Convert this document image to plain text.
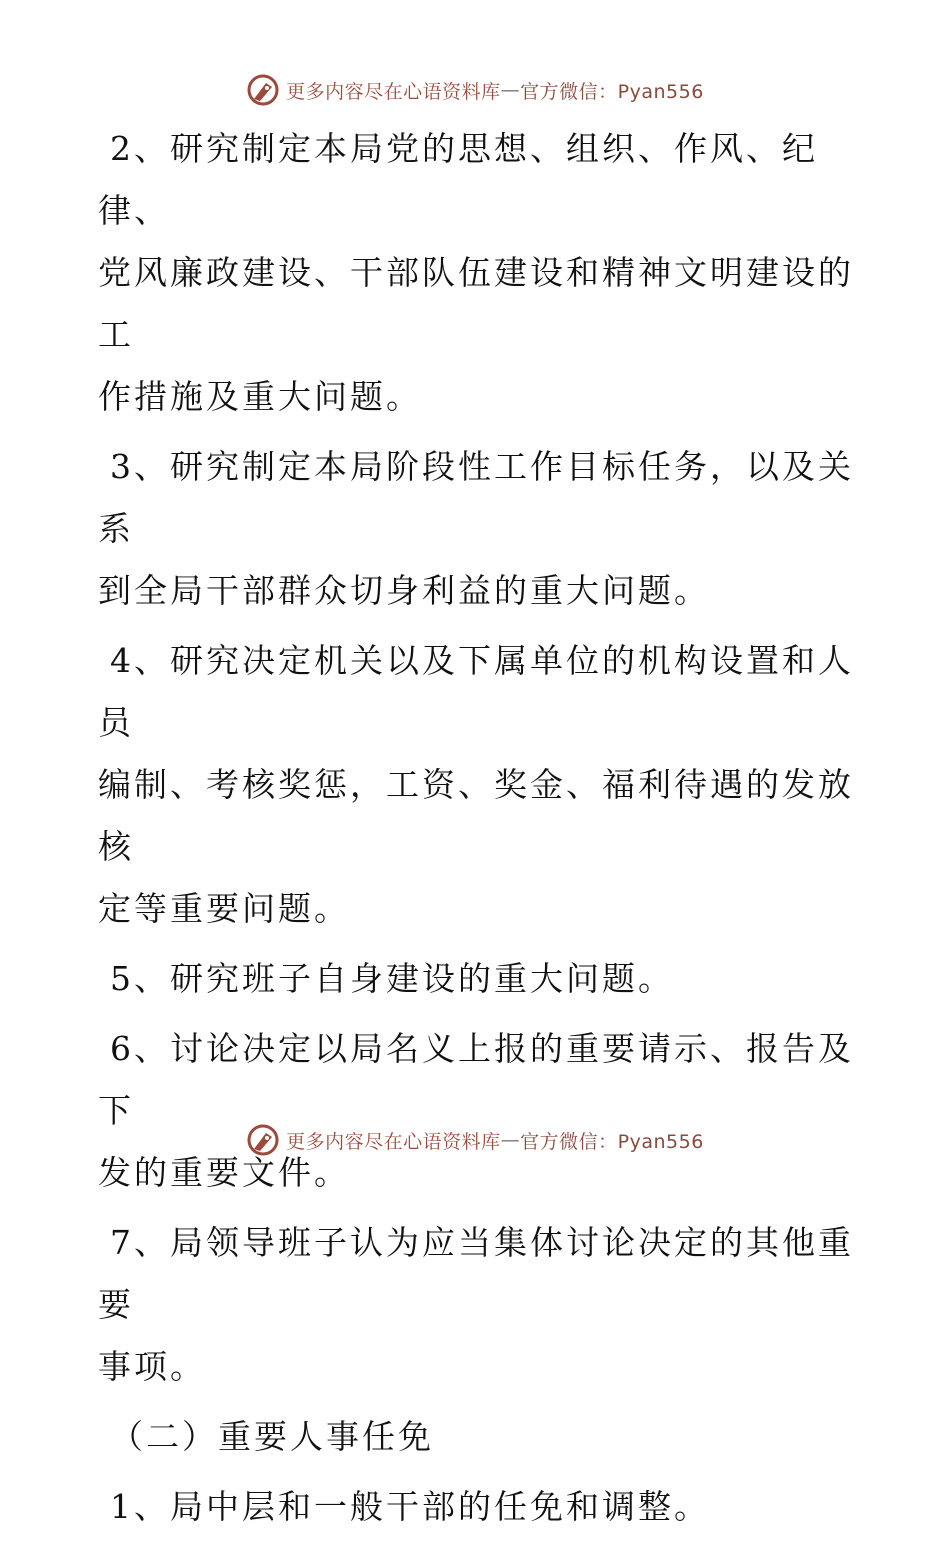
更多内容尽在心语资料库 — 官方微信：Pyan556

2、研究制定本局党的思想、组织、作风、纪律、
党风廉政建设、干部队伍建设和精神文明建设的工
作措施及重大问题。

3、研究制定本局阶段性工作目标任务，以及关系
到全局干部群众切身利益的重大问题。

4、研究决定机关以及下属单位的机构设置和人员
编制、考核奖惩，工资、奖金、福利待遇的发放核
定等重要问题。

5、研究班子自身建设的重大问题。

6、讨论决定以局名义上报的重要请示、报告及下
发的重要文件。

7、局领导班子认为应当集体讨论决定的其他重要
事项。

（二）重要人事任免

1、局中层和一般干部的任免和调整。

更多内容尽在心语资料库 — 官方微信：Pyan556
